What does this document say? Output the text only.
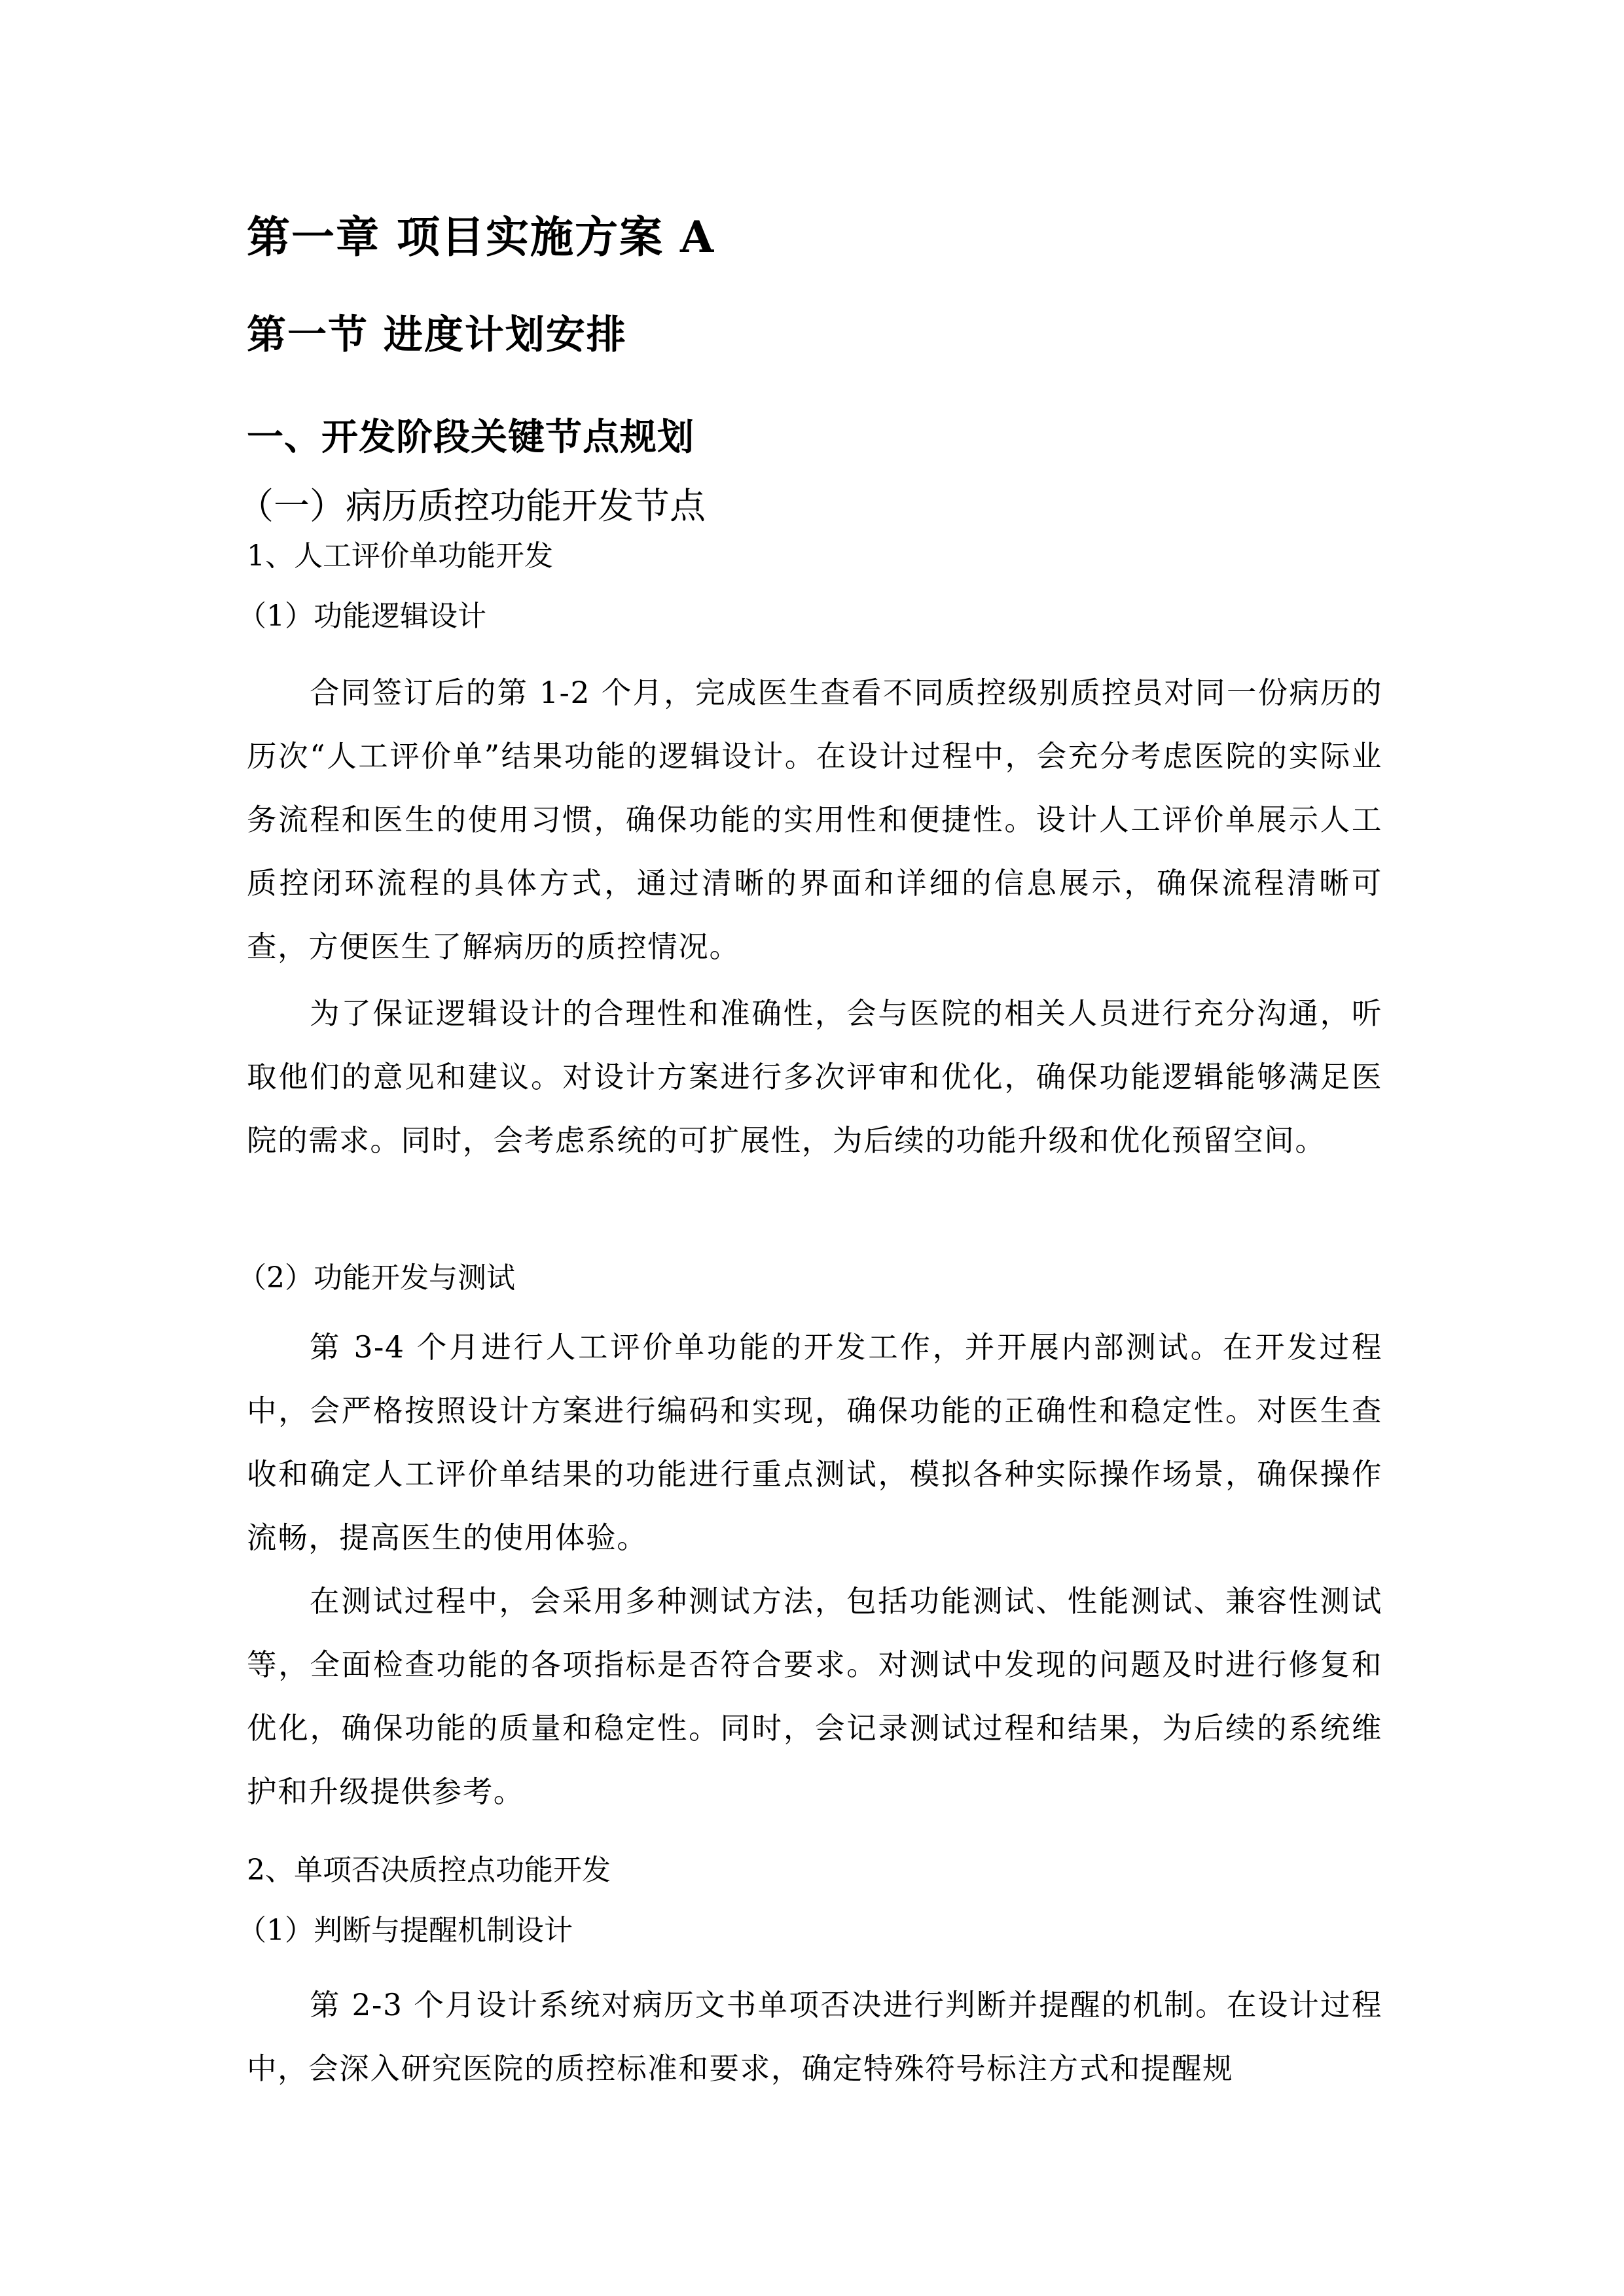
第一章 项目实施方案 A
第一节 进度计划安排
一、开发阶段关键节点规划
（一）病历质控功能开发节点
1、人工评价单功能开发
（1）功能逻辑设计
合同签订后的第 1-2 个月，完成医生查看不同质控级别质控员对同一份病历的历次“人工评价单”结果功能的逻辑设计。在设计过程中，会充分考虑医院的实际业务流程和医生的使用习惯，确保功能的实用性和便捷性。设计人工评价单展示人工质控闭环流程的具体方式，通过清晰的界面和详细的信息展示，确保流程清晰可查，方便医生了解病历的质控情况。
为了保证逻辑设计的合理性和准确性，会与医院的相关人员进行充分沟通，听取他们的意见和建议。对设计方案进行多次评审和优化，确保功能逻辑能够满足医院的需求。同时，会考虑系统的可扩展性，为后续的功能升级和优化预留空间。
（2）功能开发与测试
第 3-4 个月进行人工评价单功能的开发工作，并开展内部测试。在开发过程中，会严格按照设计方案进行编码和实现，确保功能的正确性和稳定性。对医生查收和确定人工评价单结果的功能进行重点测试，模拟各种实际操作场景，确保操作流畅，提高医生的使用体验。
在测试过程中，会采用多种测试方法，包括功能测试、性能测试、兼容性测试等，全面检查功能的各项指标是否符合要求。对测试中发现的问题及时进行修复和优化，确保功能的质量和稳定性。同时，会记录测试过程和结果，为后续的系统维护和升级提供参考。
2、单项否决质控点功能开发
（1）判断与提醒机制设计
第 2-3 个月设计系统对病历文书单项否决进行判断并提醒的机制。在设计过程中，会深入研究医院的质控标准和要求，确定特殊符号标注方式和提醒规
